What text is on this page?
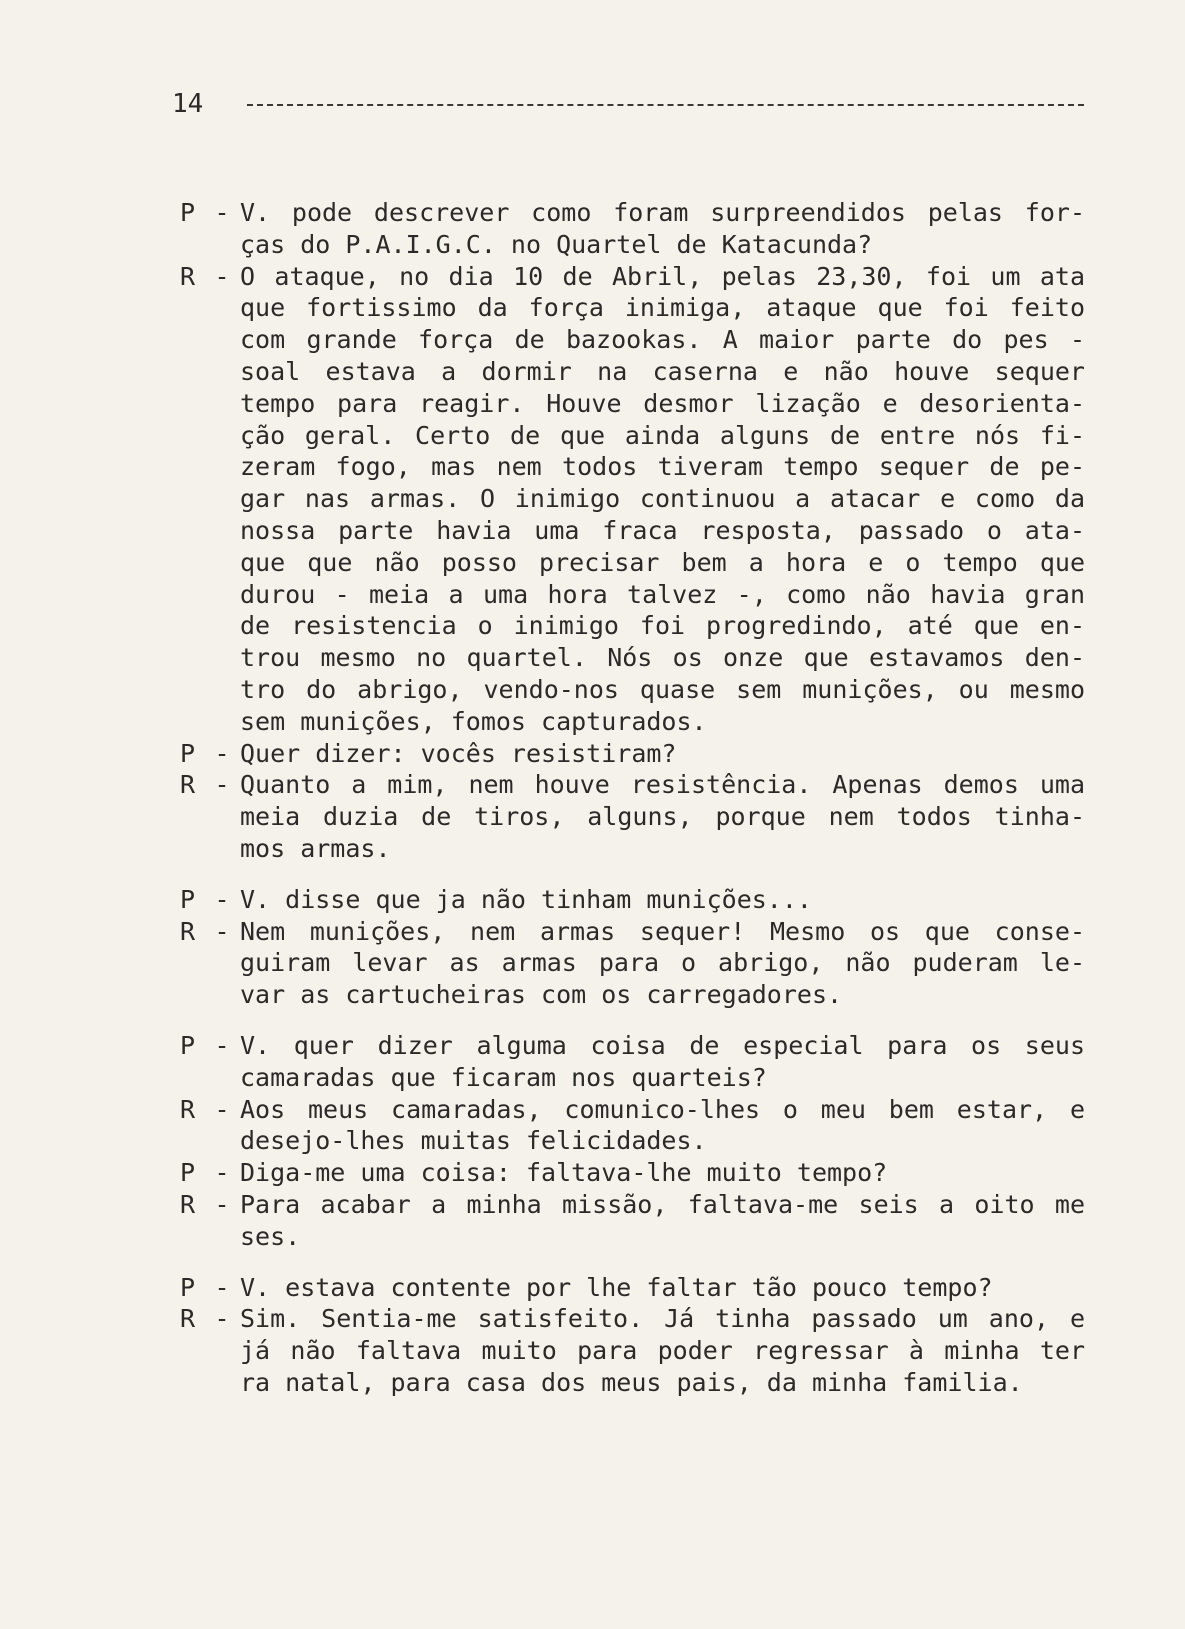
14
P - V. pode descrever como foram surpreendidos pelas for-
ças do P.A.I.G.C. no Quartel de Katacunda?
R - O ataque, no dia 10 de Abril, pelas 23,30, foi um ata
que fortissimo da força inimiga, ataque que foi feito
com grande força de bazookas. A maior parte do pes -
soal estava a dormir na caserna e não houve sequer
tempo para reagir. Houve desmor lização e desorienta-
ção geral. Certo de que ainda alguns de entre nós fi-
zeram fogo, mas nem todos tiveram tempo sequer de pe-
gar nas armas. O inimigo continuou a atacar e como da
nossa parte havia uma fraca resposta, passado o ata-
que que não posso precisar bem a hora e o tempo que
durou - meia a uma hora talvez -, como não havia gran
de resistencia o inimigo foi progredindo, até que en-
trou mesmo no quartel. Nós os onze que estavamos den-
tro do abrigo, vendo-nos quase sem munições, ou mesmo
sem munições, fomos capturados.
P - Quer dizer: vocês resistiram?
R - Quanto a mim, nem houve resistência. Apenas demos uma
meia duzia de tiros, alguns, porque nem todos tinha-
mos armas.
P - V. disse que ja não tinham munições...
R - Nem munições, nem armas sequer! Mesmo os que conse-
guiram levar as armas para o abrigo, não puderam le-
var as cartucheiras com os carregadores.
P - V. quer dizer alguma coisa de especial para os seus
camaradas que ficaram nos quarteis?
R - Aos meus camaradas, comunico-lhes o meu bem estar, e
desejo-lhes muitas felicidades.
P - Diga-me uma coisa: faltava-lhe muito tempo?
R - Para acabar a minha missão, faltava-me seis a oito me
ses.
P - V. estava contente por lhe faltar tão pouco tempo?
R - Sim. Sentia-me satisfeito. Já tinha passado um ano, e
já não faltava muito para poder regressar à minha ter
ra natal, para casa dos meus pais, da minha familia.
